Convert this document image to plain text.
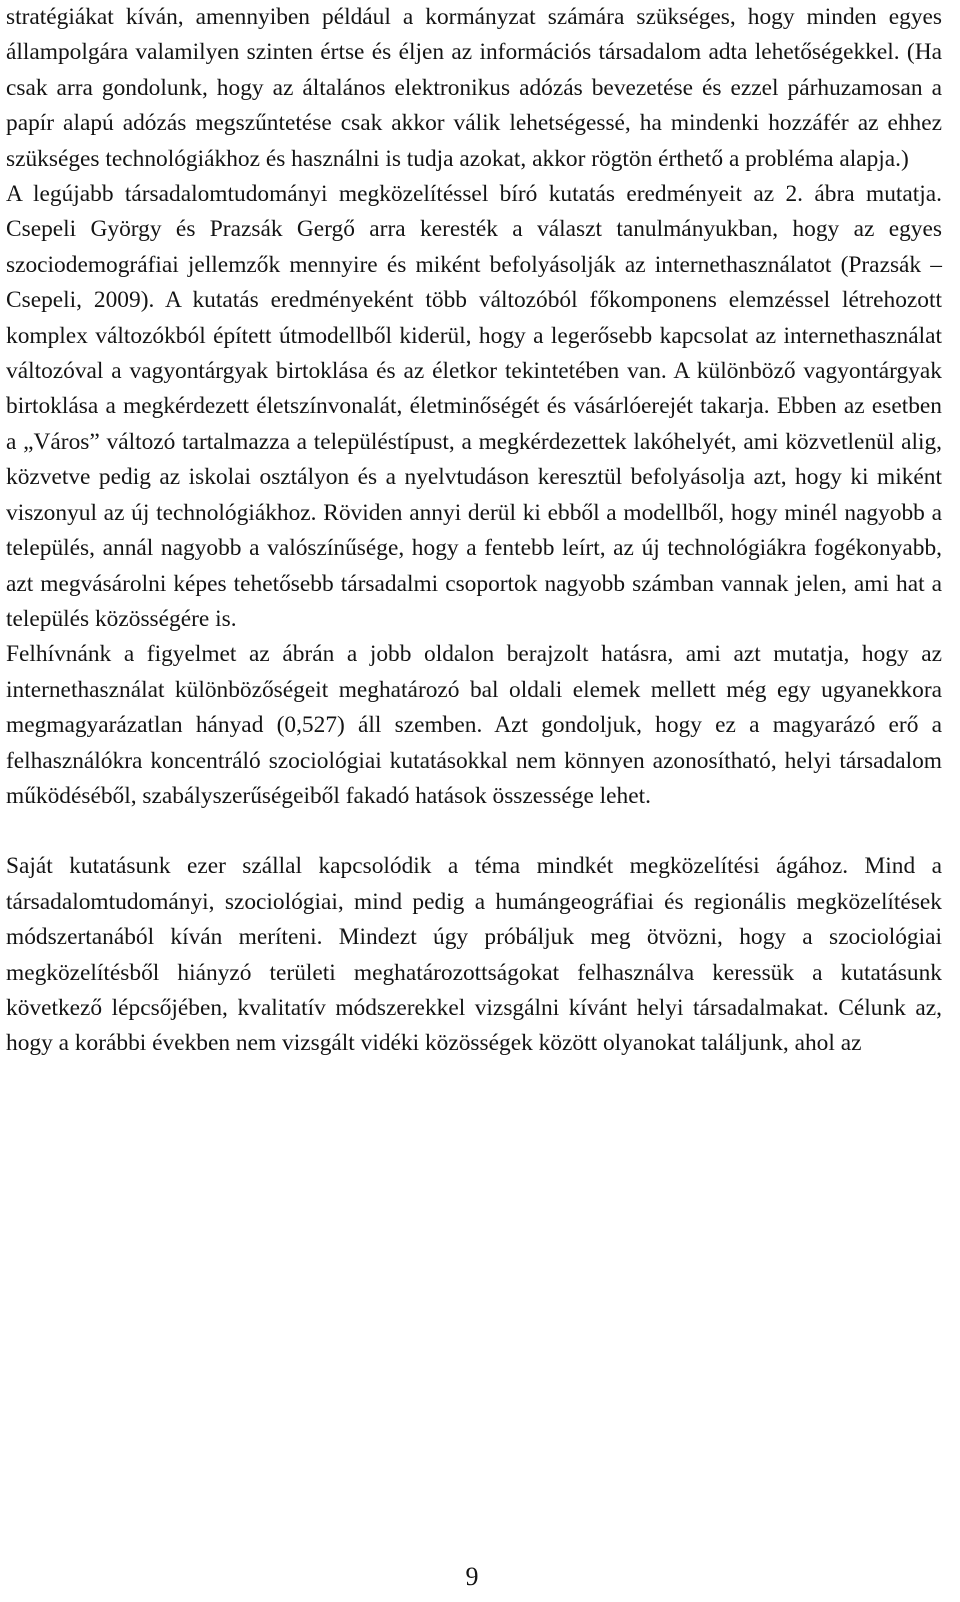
stratégiákat kíván, amennyiben például a kormányzat számára szükséges, hogy minden egyes állampolgára valamilyen szinten értse és éljen az információs társadalom adta lehetőségekkel. (Ha csak arra gondolunk, hogy az általános elektronikus adózás bevezetése és ezzel párhuzamosan a papír alapú adózás megszűntetése csak akkor válik lehetségessé, ha mindenki hozzáfér az ehhez szükséges technológiákhoz és használni is tudja azokat, akkor rögtön érthető a probléma alapja.)

A legújabb társadalomtudományi megközelítéssel bíró kutatás eredményeit az 2. ábra mutatja. Csepeli György és Prazsák Gergő arra keresték a választ tanulmányukban, hogy az egyes szociodemográfiai jellemzők mennyire és miként befolyásolják az internethasználatot (Prazsák – Csepeli, 2009). A kutatás eredményeként több változóból főkomponens elemzéssel létrehozott komplex változókból épített útmodellből kiderül, hogy a legerősebb kapcsolat az internethasználat változóval a vagyontárgyak birtoklása és az életkor tekintetében van. A különböző vagyontárgyak birtoklása a megkérdezett életszínvonalát, életminőségét és vásárlóerejét takarja. Ebben az esetben a „Város” változó tartalmazza a településtípust, a megkérdezettek lakóhelyét, ami közvetlenül alig, közvetve pedig az iskolai osztályon és a nyelvtudáson keresztül befolyásolja azt, hogy ki miként viszonyul az új technológiákhoz. Röviden annyi derül ki ebből a modellből, hogy minél nagyobb a település, annál nagyobb a valószínűsége, hogy a fentebb leírt, az új technológiákra fogékonyabb, azt megvásárolni képes tehetősebb társadalmi csoportok nagyobb számban vannak jelen, ami hat a település közösségére is.

Felhívnánk a figyelmet az ábrán a jobb oldalon berajzolt hatásra, ami azt mutatja, hogy az internethasználat különbözőségeit meghatározó bal oldali elemek mellett még egy ugyanekkora megmagyarázatlan hányad (0,527) áll szemben. Azt gondoljuk, hogy ez a magyarázó erő a felhasználókra koncentráló szociológiai kutatásokkal nem könnyen azonosítható, helyi társadalom működéséből, szabályszerűségeiből fakadó hatások összessége lehet.

Saját kutatásunk ezer szállal kapcsolódik a téma mindkét megközelítési ágához. Mind a társadalomtudományi, szociológiai, mind pedig a humángeográfiai és regionális megközelítések módszertanából kíván meríteni. Mindezt úgy próbáljuk meg ötvözni, hogy a szociológiai megközelítésből hiányzó területi meghatározottságokat felhasználva keressük a kutatásunk következő lépcsőjében, kvalitatív módszerekkel vizsgálni kívánt helyi társadalmakat. Célunk az, hogy a korábbi években nem vizsgált vidéki közösségek között olyanokat találjunk, ahol az

9
